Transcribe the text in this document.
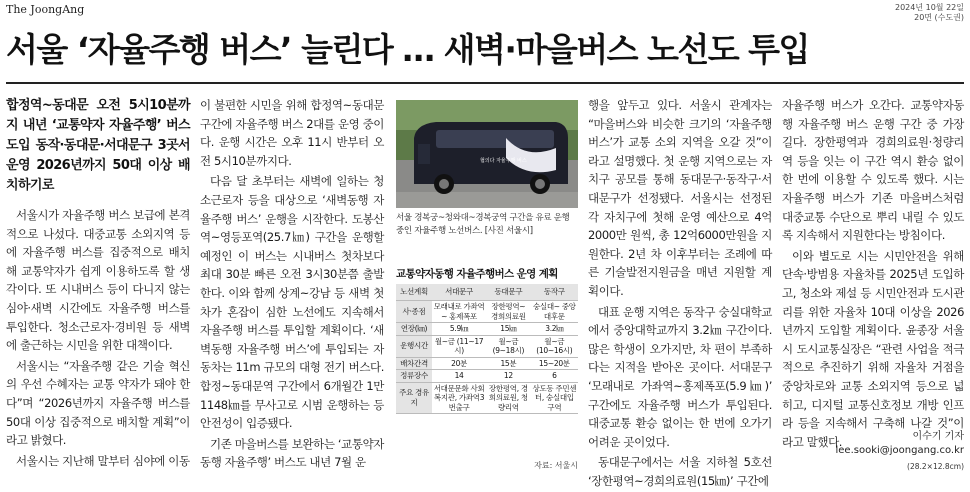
The JoongAng	2024년 10월 22일
20면 (수도권)
서울 ‘자율주행 버스’ 늘린다 … 새벽·마을버스 노선도 투입
합정역~동대문 오전 5시10분까지 내년 ‘교통약자 자율주행’ 버스 도입 동작·동대문·서대문구 3곳서 운영 2026년까지 50대 이상 배치하기로

서울시가 자율주행 버스 보급에 본격적으로 나섰다. 대중교통 소외지역 등에 자율주행 버스를 집중적으로 배치해 교통약자가 쉽게 이용하도록 할 생각이다. 또 시내버스 등이 다니지 않는 심야·새벽 시간에도 자율주행 버스를 투입한다. 청소근로자·경비원 등 새벽에 출근하는 시민을 위한 대책이다.

서울시는 “자율주행 같은 기술 혁신의 우선 수혜자는 교통 약자가 돼야 한다”며 “2026년까지 자율주행 버스를 50대 이상 집중적으로 배치할 계획”이라고 밝혔다.

서울시는 지난해 말부터 심야에 이동

이 불편한 시민을 위해 합정역~동대문 구간에 자율주행 버스 2대를 운영 중이다. 운행 시간은 오후 11시 반부터 오전 5시10분까지다.

다음 달 초부터는 새벽에 일하는 청소근로자 등을 대상으로 ‘새벽동행 자율주행 버스’ 운행을 시작한다. 도봉산역~영등포역(25.7㎞) 구간을 운행할 예정인 이 버스는 시내버스 첫차보다 최대 30분 빠른 오전 3시30분쯤 출발한다. 이와 함께 상계~강남 등 새벽 첫차가 혼잡이 심한 노선에도 지속해서 자율주행 버스를 투입할 계획이다. ‘새벽동행 자율주행 버스’에 투입되는 자동차는 11m 규모의 대형 전기 버스다. 합정~동대문역 구간에서 6개월간 1만1148㎞를 무사고로 시범 운행하는 등 안전성이 입증됐다.

기존 마을버스를 보완하는 ‘교통약자동행 자율주행’ 버스도 내년 7월 운

협의다 자율주행 버스
서울 경복궁~청와대~경복궁역 구간을 유료 운행 중인 자율주행 노선버스. [사진 서울시]
교통약자동행 자율주행버스 운영 계획
노선계획	서대문구	동대문구	동작구
사·종점	모래내로 가좌역~ 홍제폭포	장한평역~ 경희의료원	숭실대~ 중앙대후문
연장(㎞)	5.9㎞	15㎞	3.2㎞
운행시간	월~금 (11~17시)	월~금 (9~18시)	월~금 (10~16시)
배차간격	20분	15분	15~20분
정류장수	14	12	6
주요 경유지	서대문문화 사회복지관, 가좌역3번출구	장한평역, 경희의료원, 청량리역	상도동 주민센터, 숭실대입구역
자료: 서울시

행을 앞두고 있다. 서울시 관계자는 “마을버스와 비슷한 크기의 ‘자율주행 버스’가 교통 소외 지역을 오갈 것”이라고 설명했다. 첫 운행 지역으로는 자치구 공모를 통해 동대문구·동작구·서대문구가 선정됐다. 서울시는 선정된 각 자치구에 첫해 운영 예산으로 4억2000만 원씩, 총 12억6000만원을 지원한다. 2년 차 이후부터는 조례에 따른 기술발전지원금을 매년 지원할 계획이다.

대표 운행 지역은 동작구 숭실대학교에서 중앙대학교까지 3.2㎞ 구간이다. 많은 학생이 오가지만, 차 편이 부족하다는 지적을 받아온 곳이다. 서대문구 ‘모래내로 가좌역~홍제폭포(5.9㎞)’ 구간에도 자율주행 버스가 투입된다. 대중교통 환승 없이는 한 번에 오가기 어려운 곳이었다.

동대문구에서는 서울 지하철 5호선 ‘장한평역~경희의료원(15㎞)’ 구간에

자율주행 버스가 오간다. 교통약자동행 자율주행 버스 운행 구간 중 가장 길다. 장한평역과 경희의료원·청량리역 등을 잇는 이 구간 역시 환승 없이 한 번에 이용할 수 있도록 했다. 시는 자율주행 버스가 기존 마을버스처럼 대중교통 수단으로 뿌리 내릴 수 있도록 지속해서 지원한다는 방침이다.

이와 별도로 시는 시민안전을 위해 단속·방범용 자율차를 2025년 도입하고, 청소와 제설 등 시민안전과 도시관리를 위한 자율차 10대 이상을 2026년까지 도입할 계획이다. 윤종장 서울시 도시교통실장은 “관련 사업을 적극적으로 추진하기 위해 자율차 거점을 중앙차로와 교통 소외지역 등으로 넓히고, 디지털 교통신호정보 개방 인프라 등을 지속해서 구축해 나갈 것”이라고 말했다.	이수기 기자
lee.sooki@joongang.co.kr
(28.2×12.8cm)
